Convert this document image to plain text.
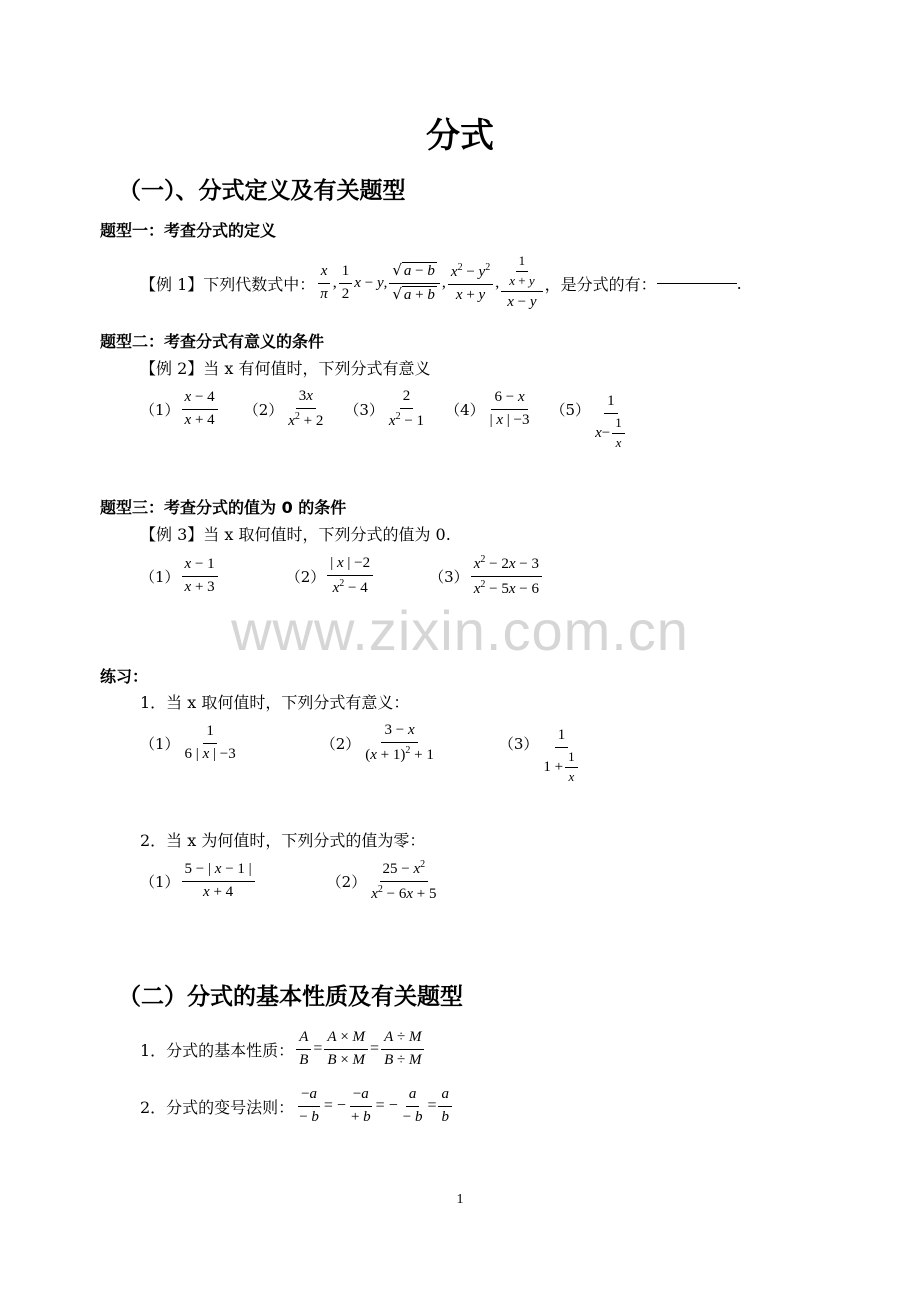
分式
（一）、分式定义及有关题型
题型一：考查分式的定义
【例 1】下列代数式中： $\frac{x}{\pi}$ , $\frac{1}{2}$ x − y, $\frac{√ a - b}{√ a + b}$ , $\frac{x^2 - y^2}{x + y}$ , $\frac{\frac{1}{x + y}}{x - y}$ ，是分式的有：	.
题型二：考查分式有意义的条件
【例 2】当 x 有何值时，下列分式有意义
$(1) \frac{x - 4}{x + 4} (2) \frac{3x}{x^2 + 2} (3) \frac{2}{x^2 - 1} (4) \frac{6 - x}{| x | -3} (5) \frac{1}{x - \frac{1}{x}}$
题型三：考查分式的值为 0 的条件
【例 3】当 x 取何值时，下列分式的值为 0.
$(1) \frac{x - 1}{x + 3}$	$(2) \frac{| x | -2}{x^2 - 4}$	$(3) \frac{x^2 - 2x - 3}{x^2 - 5x - 6}$
www.zixin.com.cn
练习：
1．当 x 取何值时，下列分式有意义：
$(1) \frac{1}{6 | x | -3}$	$(2) \frac{3 - x}{(x + 1)^2 + 1}$	$(3) \frac{1}{1 + \frac{1}{x}}$
2．当 x 为何值时，下列分式的值为零：
$(1) \frac{5 - | x - 1 |}{x + 4}$	$(2) \frac{25 - x^2}{x^2 - 6x + 5}$
（二）分式的基本性质及有关题型
1．分式的基本性质： $\frac{A}{B} = \frac{A \times M}{B \times M} = \frac{A \div M}{B \div M}$
2．分式的变号法则： $\frac{-a}{- b}$ = − $\frac{-a}{+ b}$ = − $\frac{a}{- b} = \frac{a}{b}$
1
